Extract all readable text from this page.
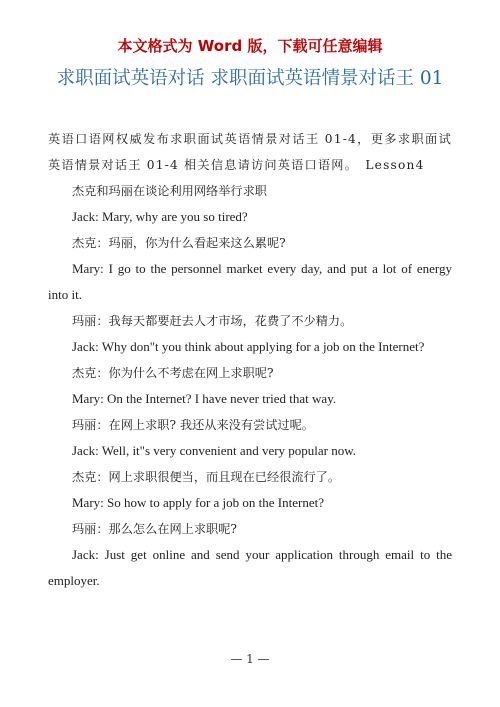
本文格式为 Word 版，下载可任意编辑
求职面试英语对话 求职面试英语情景对话王 01

英语口语网权威发布求职面试英语情景对话王 01-4，更多求职面试英语情景对话王 01-4 相关信息请访问英语口语网。　Lesson4

杰克和玛丽在谈论利用网络举行求职

Jack: Mary, why are you so tired?

杰克：玛丽，你为什么看起来这么累呢?

Mary: I go to the personnel market every day, and put a lot of energy into it.

玛丽：我每天都要赶去人才市场，花费了不少精力。

Jack: Why don"t you think about applying for a job on the Internet?

杰克：你为什么不考虑在网上求职呢?

Mary: On the Internet? I have never tried that way.

玛丽：在网上求职? 我还从来没有尝试过呢。

Jack: Well, it"s very convenient and very popular now.

杰克：网上求职很便当，而且现在已经很流行了。

Mary: So how to apply for a job on the Internet?

玛丽：那么怎么在网上求职呢?

Jack: Just get online and send your application through email to the employer.

— 1 —
